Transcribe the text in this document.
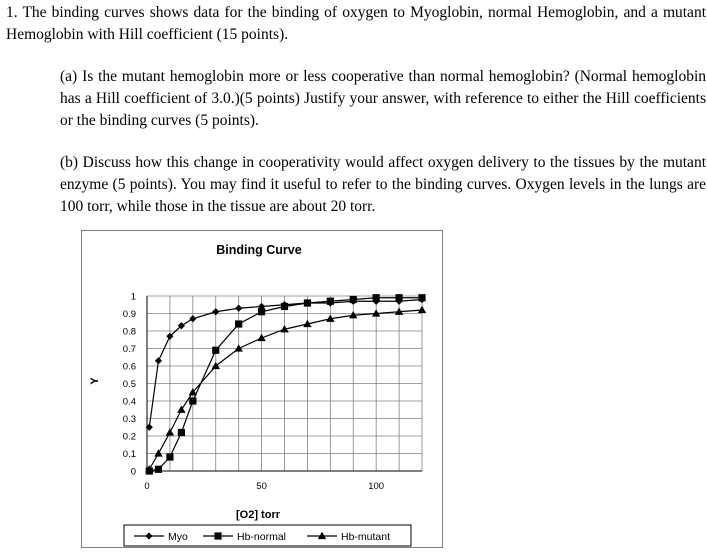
1. The binding curves shows data for the binding of oxygen to Myoglobin, normal Hemoglobin, and a mutant Hemoglobin with Hill coefficient (15 points).

(a) Is the mutant hemoglobin more or less cooperative than normal hemoglobin? (Normal hemoglobin has a Hill coefficient of 3.0.)(5 points) Justify your answer, with reference to either the Hill coefficients or the binding curves (5 points).

(b) Discuss how this change in cooperativity would affect oxygen delivery to the tissues by the mutant enzyme (5 points). You may find it useful to refer to the binding curves. Oxygen levels in the lungs are 100 torr, while those in the tissue are about 20 torr.

Binding Curve
Y
[O2] torr
0
0.1
0.2
0.3
0.4
0.5
0.6
0.7
0.8
0.9
1
0	50	100
Myo	Hb-normal	Hb-mutant
